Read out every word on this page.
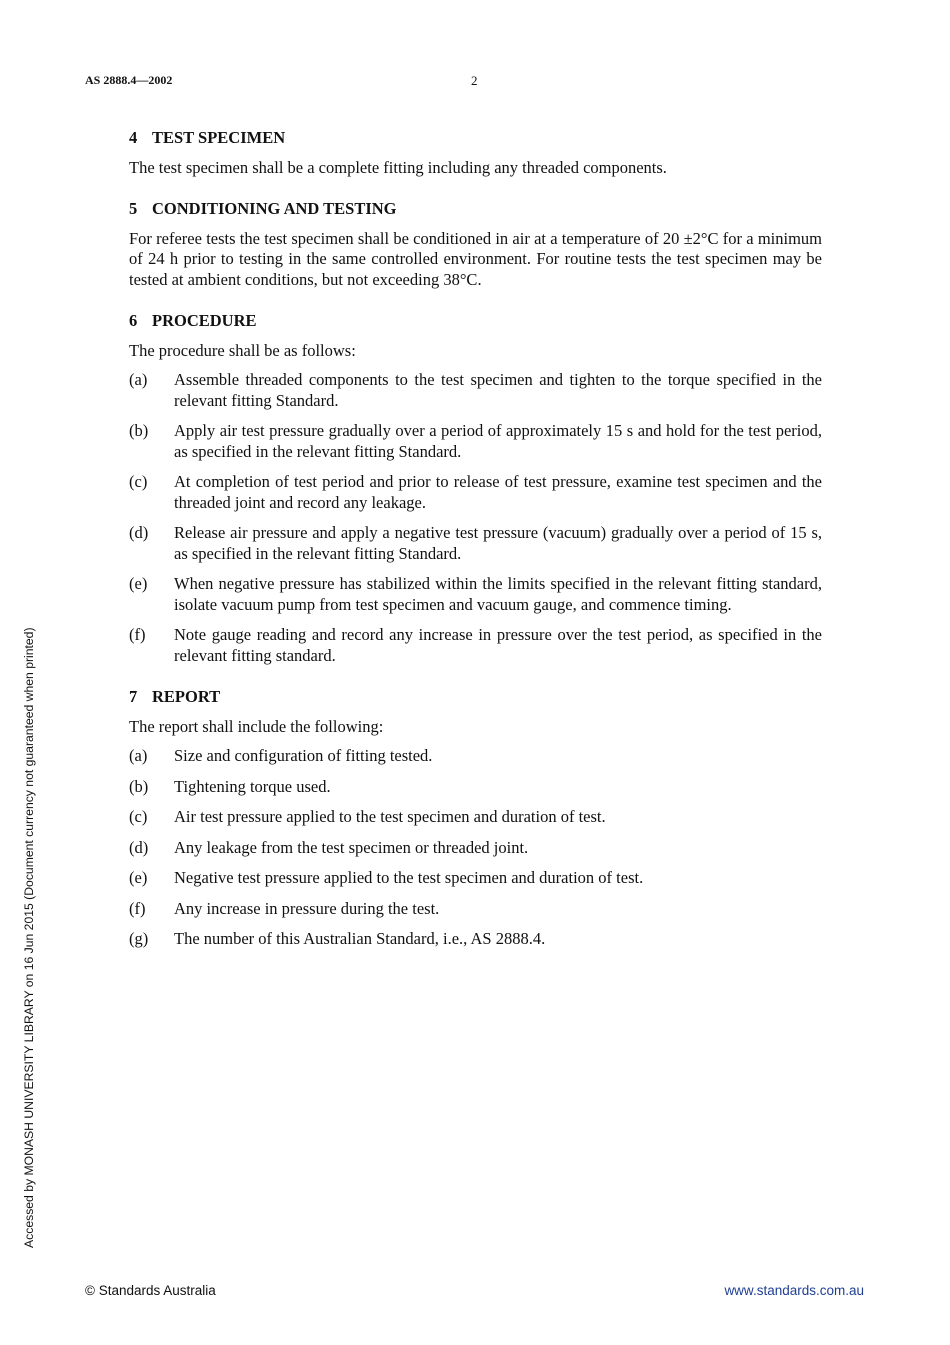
AS 2888.4—2002	2
4 TEST SPECIMEN
The test specimen shall be a complete fitting including any threaded components.
5 CONDITIONING AND TESTING
For referee tests the test specimen shall be conditioned in air at a temperature of 20 ±2°C for a minimum of 24 h prior to testing in the same controlled environment. For routine tests the test specimen may be tested at ambient conditions, but not exceeding 38°C.
6 PROCEDURE
The procedure shall be as follows:
(a)	Assemble threaded components to the test specimen and tighten to the torque specified in the relevant fitting Standard.
(b)	Apply air test pressure gradually over a period of approximately 15 s and hold for the test period, as specified in the relevant fitting Standard.
(c)	At completion of test period and prior to release of test pressure, examine test specimen and the threaded joint and record any leakage.
(d)	Release air pressure and apply a negative test pressure (vacuum) gradually over a period of 15 s, as specified in the relevant fitting Standard.
(e)	When negative pressure has stabilized within the limits specified in the relevant fitting standard, isolate vacuum pump from test specimen and vacuum gauge, and commence timing.
(f)	Note gauge reading and record any increase in pressure over the test period, as specified in the relevant fitting standard.
7 REPORT
The report shall include the following:
(a)	Size and configuration of fitting tested.
(b)	Tightening torque used.
(c)	Air test pressure applied to the test specimen and duration of test.
(d)	Any leakage from the test specimen or threaded joint.
(e)	Negative test pressure applied to the test specimen and duration of test.
(f)	Any increase in pressure during the test.
(g)	The number of this Australian Standard, i.e., AS 2888.4.
Accessed by MONASH UNIVERSITY LIBRARY on 16 Jun 2015 (Document currency not guaranteed when printed)
© Standards Australia	www.standards.com.au
